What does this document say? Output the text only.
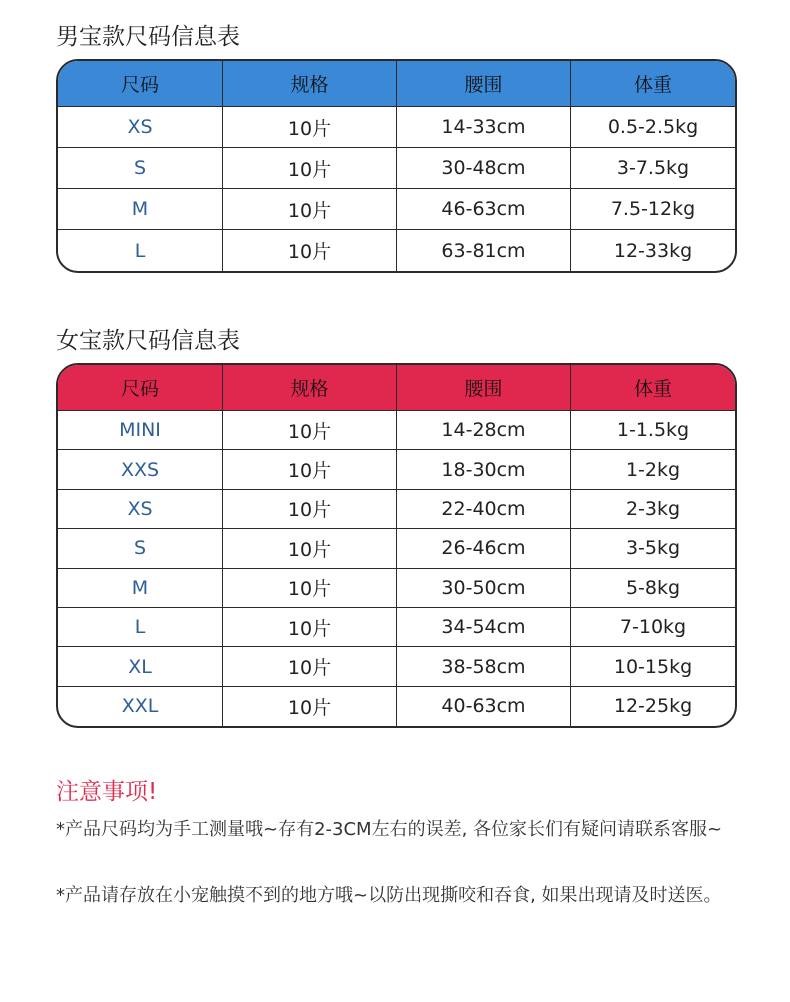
男宝款尺码信息表
尺码	规格	腰围	体重
XS	10片	14-33cm	0.5-2.5kg
S	10片	30-48cm	3-7.5kg
M	10片	46-63cm	7.5-12kg
L	10片	63-81cm	12-33kg
女宝款尺码信息表
尺码	规格	腰围	体重
MINI	10片	14-28cm	1-1.5kg
XXS	10片	18-30cm	1-2kg
XS	10片	22-40cm	2-3kg
S	10片	26-46cm	3-5kg
M	10片	30-50cm	5-8kg
L	10片	34-54cm	7-10kg
XL	10片	38-58cm	10-15kg
XXL	10片	40-63cm	12-25kg
注意事项!
*产品尺码均为手工测量哦~存有2-3CM左右的误差, 各位家长们有疑问请联系客服~
*产品请存放在小宠触摸不到的地方哦~以防出现撕咬和吞食, 如果出现请及时送医。
